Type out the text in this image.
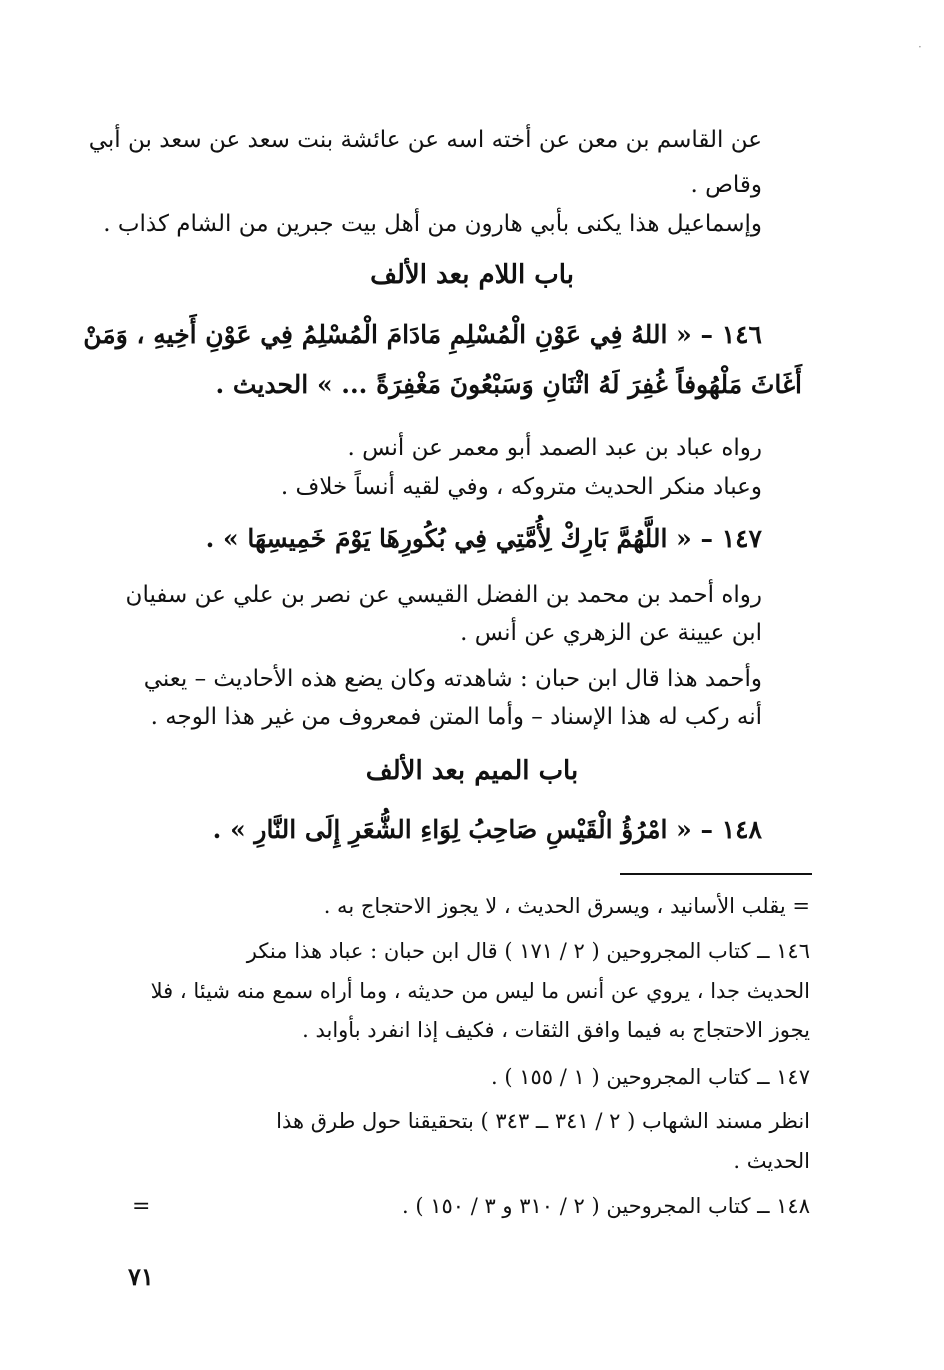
·
عن القاسم بن معن عن أخته اسه عن عائشة بنت سعد عن سعد بن أبي
وقاص .
وإسماعيل هذا يكنى بأبي هارون من أهل بيت جبرين من الشام كذاب .
باب اللام بعد الألف
١٤٦ – « اللهُ فِي عَوْنِ الْمُسْلِمِ مَادَامَ الْمُسْلِمُ فِي عَوْنِ أَخِيهِ ، وَمَنْ
أَغَاثَ مَلْهُوفاً غُفِرَ لَهُ اثْنَانِ وَسَبْعُونَ مَغْفِرَةً ... » الحديث .
رواه عباد بن عبد الصمد أبو معمر عن أنس .
وعباد منكر الحديث متروكه ، وفي لقيه أنساً خلاف .
١٤٧ – « اللَّهُمَّ بَارِكْ لِأُمَّتِي فِي بُكُورِهَا يَوْمَ خَمِيسِهَا » .
رواه أحمد بن محمد بن الفضل القيسي عن نصر بن علي عن سفيان
ابن عيينة عن الزهري عن أنس .
وأحمد هذا قال ابن حبان : شاهدته وكان يضع هذه الأحاديث – يعني
أنه ركب له هذا الإسناد – وأما المتن فمعروف من غير هذا الوجه .
باب الميم بعد الألف
١٤٨ – « امْرُؤُ الْقَيْسِ صَاحِبُ لِوَاءِ الشُّعَرِ إِلَى النَّارِ » .
= يقلب الأسانيد ، ويسرق الحديث ، لا يجوز الاحتجاج به .
١٤٦ ــ كتاب المجروحين ( ٢ / ١٧١ ) قال ابن حبان : عباد هذا منكر
الحديث جدا ، يروي عن أنس ما ليس من حديثه ، وما أراه سمع منه شيئا ، فلا
يجوز الاحتجاج به فيما وافق الثقات ، فكيف إذا انفرد بأوابد .
١٤٧ ــ كتاب المجروحين ( ١ / ١٥٥ ) .
انظر مسند الشهاب ( ٢ / ٣٤١ ــ ٣٤٣ ) بتحقيقنا حول طرق هذا
الحديث .
١٤٨ ــ كتاب المجروحين ( ٢ / ٣١٠ و ٣ / ١٥٠ ) .
=
٧١
